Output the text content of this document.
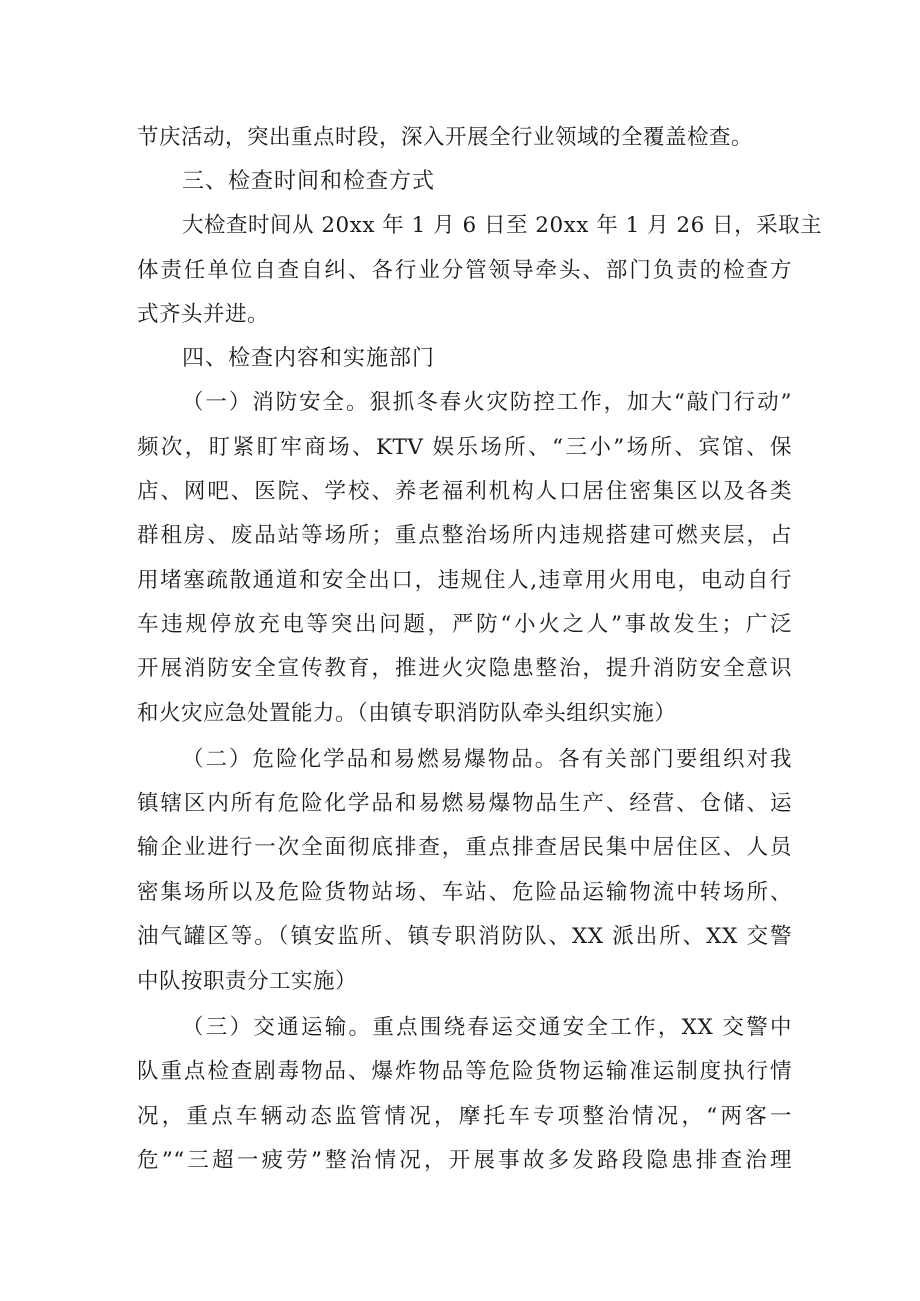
节庆活动，突出重点时段，深入开展全行业领域的全覆盖检查。
三、检查时间和检查方式
大检查时间从 20xx 年 1 月 6 日至 20xx 年 1 月 26 日，采取主
体责任单位自查自纠、各行业分管领导牵头、部门负责的检查方
式齐头并进。
四、检查内容和实施部门
（一）消防安全。狠抓冬春火灾防控工作，加大“敲门行动”
频次，盯紧盯牢商场、KTV 娱乐场所、“三小”场所、宾馆、保
店、网吧、医院、学校、养老福利机构人口居住密集区以及各类
群租房、废品站等场所；重点整治场所内违规搭建可燃夹层，占
用堵塞疏散通道和安全出口，违规住人,违章用火用电，电动自行
车违规停放充电等突出问题，严防“小火之人”事故发生；广泛
开展消防安全宣传教育，推进火灾隐患整治，提升消防安全意识
和火灾应急处置能力。（由镇专职消防队牵头组织实施）
（二）危险化学品和易燃易爆物品。各有关部门要组织对我
镇辖区内所有危险化学品和易燃易爆物品生产、经营、仓储、运
输企业进行一次全面彻底排查，重点排查居民集中居住区、人员
密集场所以及危险货物站场、车站、危险品运输物流中转场所、
油气罐区等。（镇安监所、镇专职消防队、XX 派出所、XX 交警
中队按职责分工实施）
（三）交通运输。重点围绕春运交通安全工作，XX 交警中
队重点检查剧毒物品、爆炸物品等危险货物运输准运制度执行情
况，重点车辆动态监管情况，摩托车专项整治情况，“两客一
危”“三超一疲劳”整治情况，开展事故多发路段隐患排查治理
